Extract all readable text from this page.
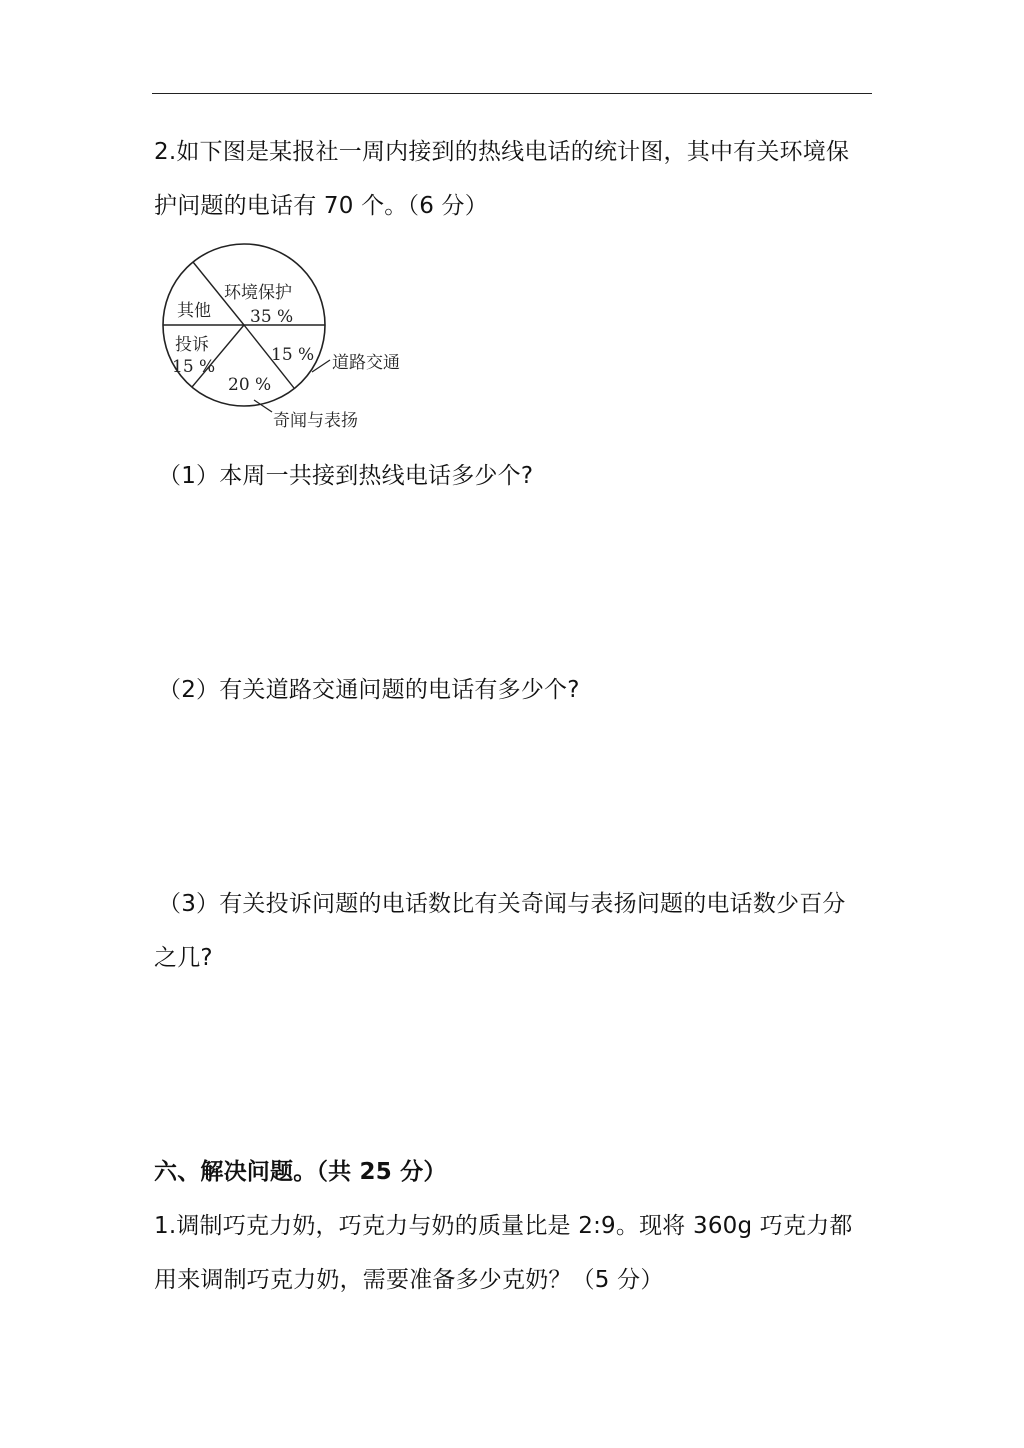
2.如下图是某报社一周内接到的热线电话的统计图，其中有关环境保
护问题的电话有 70 个。（6 分）
环境保护
35 %
其他
15 %
投诉
15 %
20 %
道路交通
奇闻与表扬
（1）本周一共接到热线电话多少个?
（2）有关道路交通问题的电话有多少个?
（3）有关投诉问题的电话数比有关奇闻与表扬问题的电话数少百分
之几?
六、解决问题。（共 25 分）
1.调制巧克力奶，巧克力与奶的质量比是 2:9。现将 360g 巧克力都
用来调制巧克力奶，需要准备多少克奶？（5 分）
